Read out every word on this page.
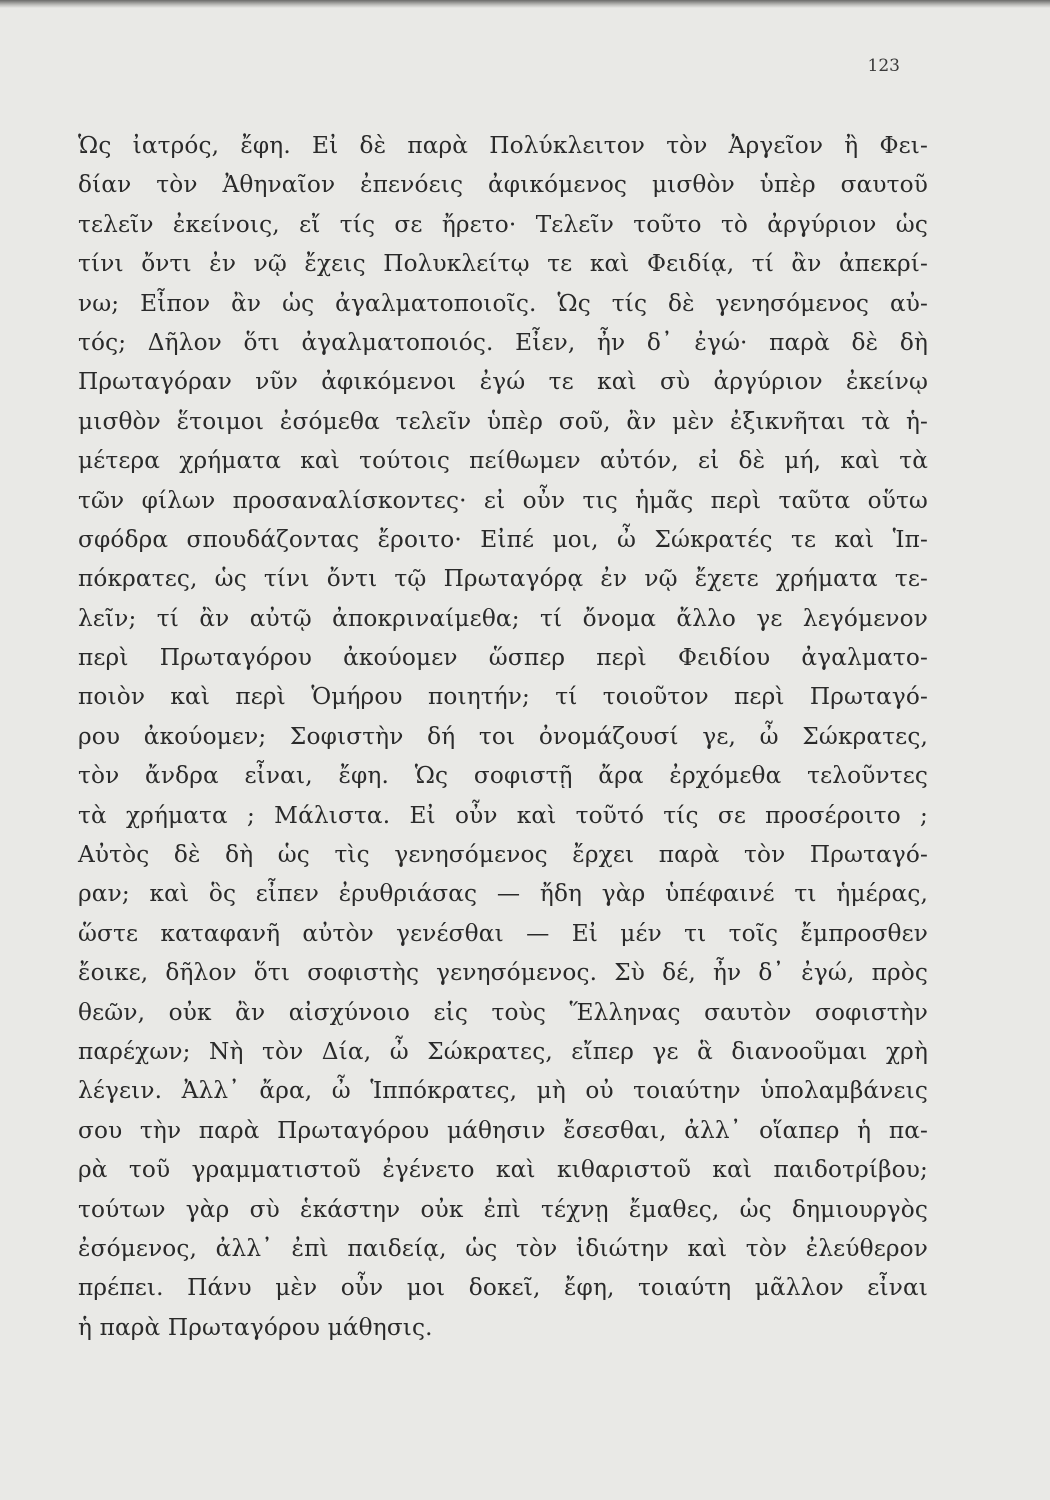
123
Ὡς ἰατρός, ἔφη. Εἰ δὲ παρὰ Πολύκλειτον τὸν Ἀργεῖον ἢ Φει-
δίαν τὸν Ἀθηναῖον ἐπενόεις ἀφικόμενος μισθὸν ὑπὲρ σαυτοῦ
τελεῖν ἐκείνοις, εἴ τίς σε ἤρετο· Τελεῖν τοῦτο τὸ ἀργύριον ὡς
τίνι ὄντι ἐν νῷ ἔχεις Πολυκλείτῳ τε καὶ Φειδίᾳ, τί ἂν ἀπεκρί-
νω; Εἶπον ἂν ὡς ἀγαλματοποιοῖς. Ὡς τίς δὲ γενησόμενος αὐ-
τός; Δῆλον ὅτι ἀγαλματοποιός. Εἶεν, ἦν δ᾽ ἐγώ· παρὰ δὲ δὴ
Πρωταγόραν νῦν ἀφικόμενοι ἐγώ τε καὶ σὺ ἀργύριον ἐκείνῳ
μισθὸν ἕτοιμοι ἐσόμεθα τελεῖν ὑπὲρ σοῦ, ἂν μὲν ἐξικνῆται τὰ ἡ-
μέτερα χρήματα καὶ τούτοις πείθωμεν αὐτόν, εἰ δὲ μή, καὶ τὰ
τῶν φίλων προσαναλίσκοντες· εἰ οὖν τις ἡμᾶς περὶ ταῦτα οὕτω
σφόδρα σπουδάζοντας ἔροιτο· Εἰπέ μοι, ὦ Σώκρατές τε καὶ Ἱπ-
πόκρατες, ὡς τίνι ὄντι τῷ Πρωταγόρᾳ ἐν νῷ ἔχετε χρήματα τε-
λεῖν; τί ἂν αὐτῷ ἀποκριναίμεθα; τί ὄνομα ἄλλο γε λεγόμενον
περὶ Πρωταγόρου ἀκούομεν ὥσπερ περὶ Φειδίου ἀγαλματο-
ποιὸν καὶ περὶ Ὁμήρου ποιητήν; τί τοιοῦτον περὶ Πρωταγό-
ρου ἀκούομεν; Σοφιστὴν δή τοι ὀνομάζουσί γε, ὦ Σώκρατες,
τὸν ἄνδρα εἶναι, ἔφη. Ὡς σοφιστῇ ἄρα ἐρχόμεθα τελοῦντες
τὰ χρήματα ; Μάλιστα. Εἰ οὖν καὶ τοῦτό τίς σε προσέροιτο ;
Αὐτὸς δὲ δὴ ὡς τὶς γενησόμενος ἔρχει παρὰ τὸν Πρωταγό-
ραν; καὶ ὃς εἶπεν ἐρυθριάσας — ἤδη γὰρ ὑπέφαινέ τι ἡμέρας,
ὥστε καταφανῆ αὐτὸν γενέσθαι — Εἰ μέν τι τοῖς ἔμπροσθεν
ἔοικε, δῆλον ὅτι σοφιστὴς γενησόμενος. Σὺ δέ, ἦν δ᾽ ἐγώ, πρὸς
θεῶν, οὐκ ἂν αἰσχύνοιο εἰς τοὺς Ἕλληνας σαυτὸν σοφιστὴν
παρέχων; Νὴ τὸν Δία, ὦ Σώκρατες, εἴπερ γε ἃ διανοοῦμαι χρὴ
λέγειν. Ἀλλ᾽ ἄρα, ὦ Ἱππόκρατες, μὴ οὐ τοιαύτην ὑπολαμβάνεις
σου τὴν παρὰ Πρωταγόρου μάθησιν ἔσεσθαι, ἀλλ᾽ οἵαπερ ἡ πα-
ρὰ τοῦ γραμματιστοῦ ἐγένετο καὶ κιθαριστοῦ καὶ παιδοτρίβου;
τούτων γὰρ σὺ ἑκάστην οὐκ ἐπὶ τέχνῃ ἔμαθες, ὡς δημιουργὸς
ἐσόμενος, ἀλλ᾽ ἐπὶ παιδείᾳ, ὡς τὸν ἰδιώτην καὶ τὸν ἐλεύθερον
πρέπει. Πάνυ μὲν οὖν μοι δοκεῖ, ἔφη, τοιαύτη μᾶλλον εἶναι
ἡ παρὰ Πρωταγόρου μάθησις.
